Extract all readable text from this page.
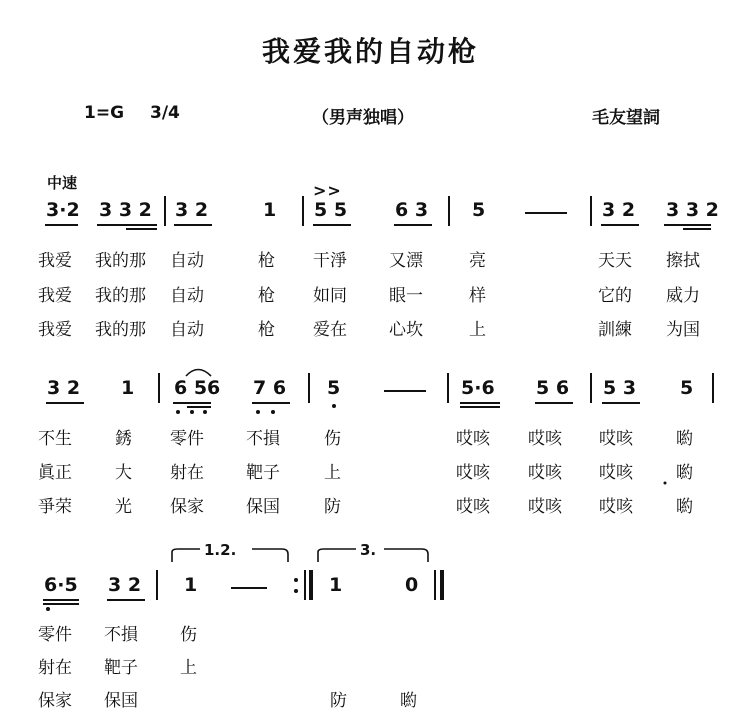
我爱我的自动枪
1=G 3/4	（男声独唱）	毛友望詞
中速
3·2 3 3 2 3 2	1 5 5	6 3 5	3 2 3 3 2
>>
我爱 我的那 自动	枪 干淨 又漂	亮	天天 擦拭
我爱 我的那 自动	枪 如同 眼一	样	它的 威力
我爱 我的那 自动	枪 爱在 心坎	上	訓練 为国
3 2 1 6 56 7 6 5	5·6 5 6 5 3 5
不生	銹 零件 不損	伤	哎咳 哎咳 哎咳	喲
眞正	大 射在 靶子	上	哎咳 哎咳 哎咳	喲
爭荣	光 保家 保国	防	哎咳 哎咳 哎咳	喲
1.2.	3.
6·5 3 2 1	1	0
零件 不損 伤
射在 靶子 上
保家 保国	防	喲
